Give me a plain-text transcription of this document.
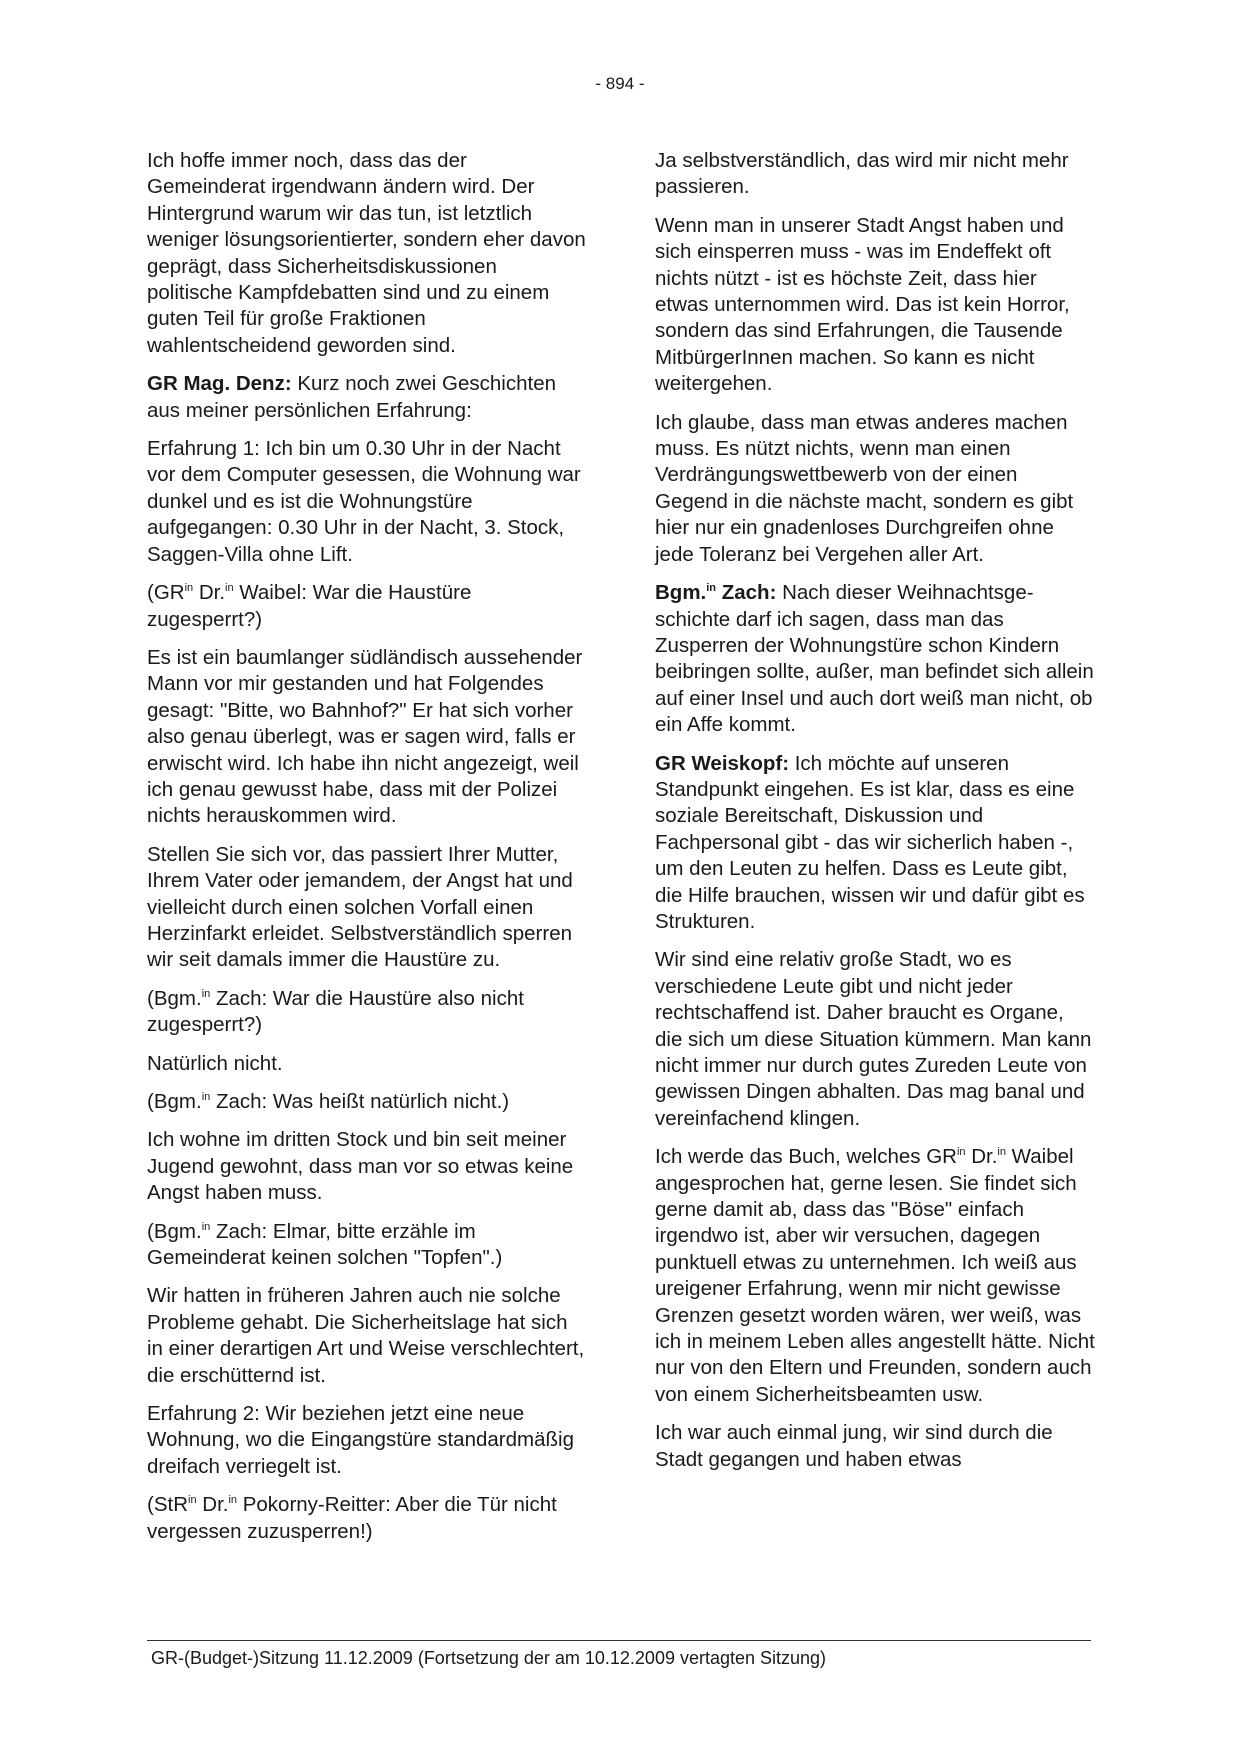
- 894 -

Ich hoffe immer noch, dass das der Gemeinderat irgendwann ändern wird. Der Hintergrund warum wir das tun, ist letztlich weniger lösungsorientierter, sondern eher davon geprägt, dass Sicherheitsdiskussionen politische Kampfdebatten sind und zu einem guten Teil für große Fraktionen wahlentscheidend geworden sind.

GR Mag. Denz: Kurz noch zwei Geschichten aus meiner persönlichen Erfahrung:

Erfahrung 1: Ich bin um 0.30 Uhr in der Nacht vor dem Computer gesessen, die Wohnung war dunkel und es ist die Wohnungstüre aufgegangen: 0.30 Uhr in der Nacht, 3. Stock, Saggen-Villa ohne Lift.

($GR^{in}$ Dr.$^{in}$ Waibel: War die Haustüre zugesperrt?)

Es ist ein baumlanger südländisch aussehender Mann vor mir gestanden und hat Folgendes gesagt: "Bitte, wo Bahnhof?" Er hat sich vorher also genau überlegt, was er sagen wird, falls er erwischt wird. Ich habe ihn nicht angezeigt, weil ich genau gewusst habe, dass mit der Polizei nichts herauskommen wird.

Stellen Sie sich vor, das passiert Ihrer Mutter, Ihrem Vater oder jemandem, der Angst hat und vielleicht durch einen solchen Vorfall einen Herzinfarkt erleidet. Selbstverständlich sperren wir seit damals immer die Haustüre zu.

(Bgm.$^{in}$ Zach: War die Haustüre also nicht zugesperrt?)

Natürlich nicht.

(Bgm.$^{in}$ Zach: Was heißt natürlich nicht.)

Ich wohne im dritten Stock und bin seit meiner Jugend gewohnt, dass man vor so etwas keine Angst haben muss.

(Bgm.$^{in}$ Zach: Elmar, bitte erzähle im Gemeinderat keinen solchen "Topfen".)

Wir hatten in früheren Jahren auch nie solche Probleme gehabt. Die Sicherheitslage hat sich in einer derartigen Art und Weise verschlechtert, die erschütternd ist.

Erfahrung 2: Wir beziehen jetzt eine neue Wohnung, wo die Eingangstüre standardmäßig dreifach verriegelt ist.

(StR$^{in}$ Dr.$^{in}$ Pokorny-Reitter: Aber die Tür nicht vergessen zuzusperren!)

Ja selbstverständlich, das wird mir nicht mehr passieren.

Wenn man in unserer Stadt Angst haben und sich einsperren muss - was im Endeffekt oft nichts nützt - ist es höchste Zeit, dass hier etwas unternommen wird. Das ist kein Horror, sondern das sind Erfahrungen, die Tausende MitbürgerInnen machen. So kann es nicht weitergehen.

Ich glaube, dass man etwas anderes machen muss. Es nützt nichts, wenn man einen Verdrängungswettbewerb von der einen Gegend in die nächste macht, sondern es gibt hier nur ein gnadenloses Durchgreifen ohne jede Toleranz bei Vergehen aller Art.

Bgm.$^{in}$ Zach: Nach dieser Weihnachtsgeschichte darf ich sagen, dass man das Zusperren der Wohnungstüre schon Kindern beibringen sollte, außer, man befindet sich allein auf einer Insel und auch dort weiß man nicht, ob ein Affe kommt.

GR Weiskopf: Ich möchte auf unseren Standpunkt eingehen. Es ist klar, dass es eine soziale Bereitschaft, Diskussion und Fachpersonal gibt - das wir sicherlich haben -, um den Leuten zu helfen. Dass es Leute gibt, die Hilfe brauchen, wissen wir und dafür gibt es Strukturen.

Wir sind eine relativ große Stadt, wo es verschiedene Leute gibt und nicht jeder rechtschaffend ist. Daher braucht es Organe, die sich um diese Situation kümmern. Man kann nicht immer nur durch gutes Zureden Leute von gewissen Dingen abhalten. Das mag banal und vereinfachend klingen.

Ich werde das Buch, welches $GR^{in}$ Dr.$^{in}$ Waibel angesprochen hat, gerne lesen. Sie findet sich gerne damit ab, dass das "Böse" einfach irgendwo ist, aber wir versuchen, dagegen punktuell etwas zu unternehmen. Ich weiß aus ureigener Erfahrung, wenn mir nicht gewisse Grenzen gesetzt worden wären, wer weiß, was ich in meinem Leben alles angestellt hätte. Nicht nur von den Eltern und Freunden, sondern auch von einem Sicherheitsbeamten usw.

Ich war auch einmal jung, wir sind durch die Stadt gegangen und haben etwas

GR-(Budget-)Sitzung 11.12.2009 (Fortsetzung der am 10.12.2009 vertagten Sitzung)
